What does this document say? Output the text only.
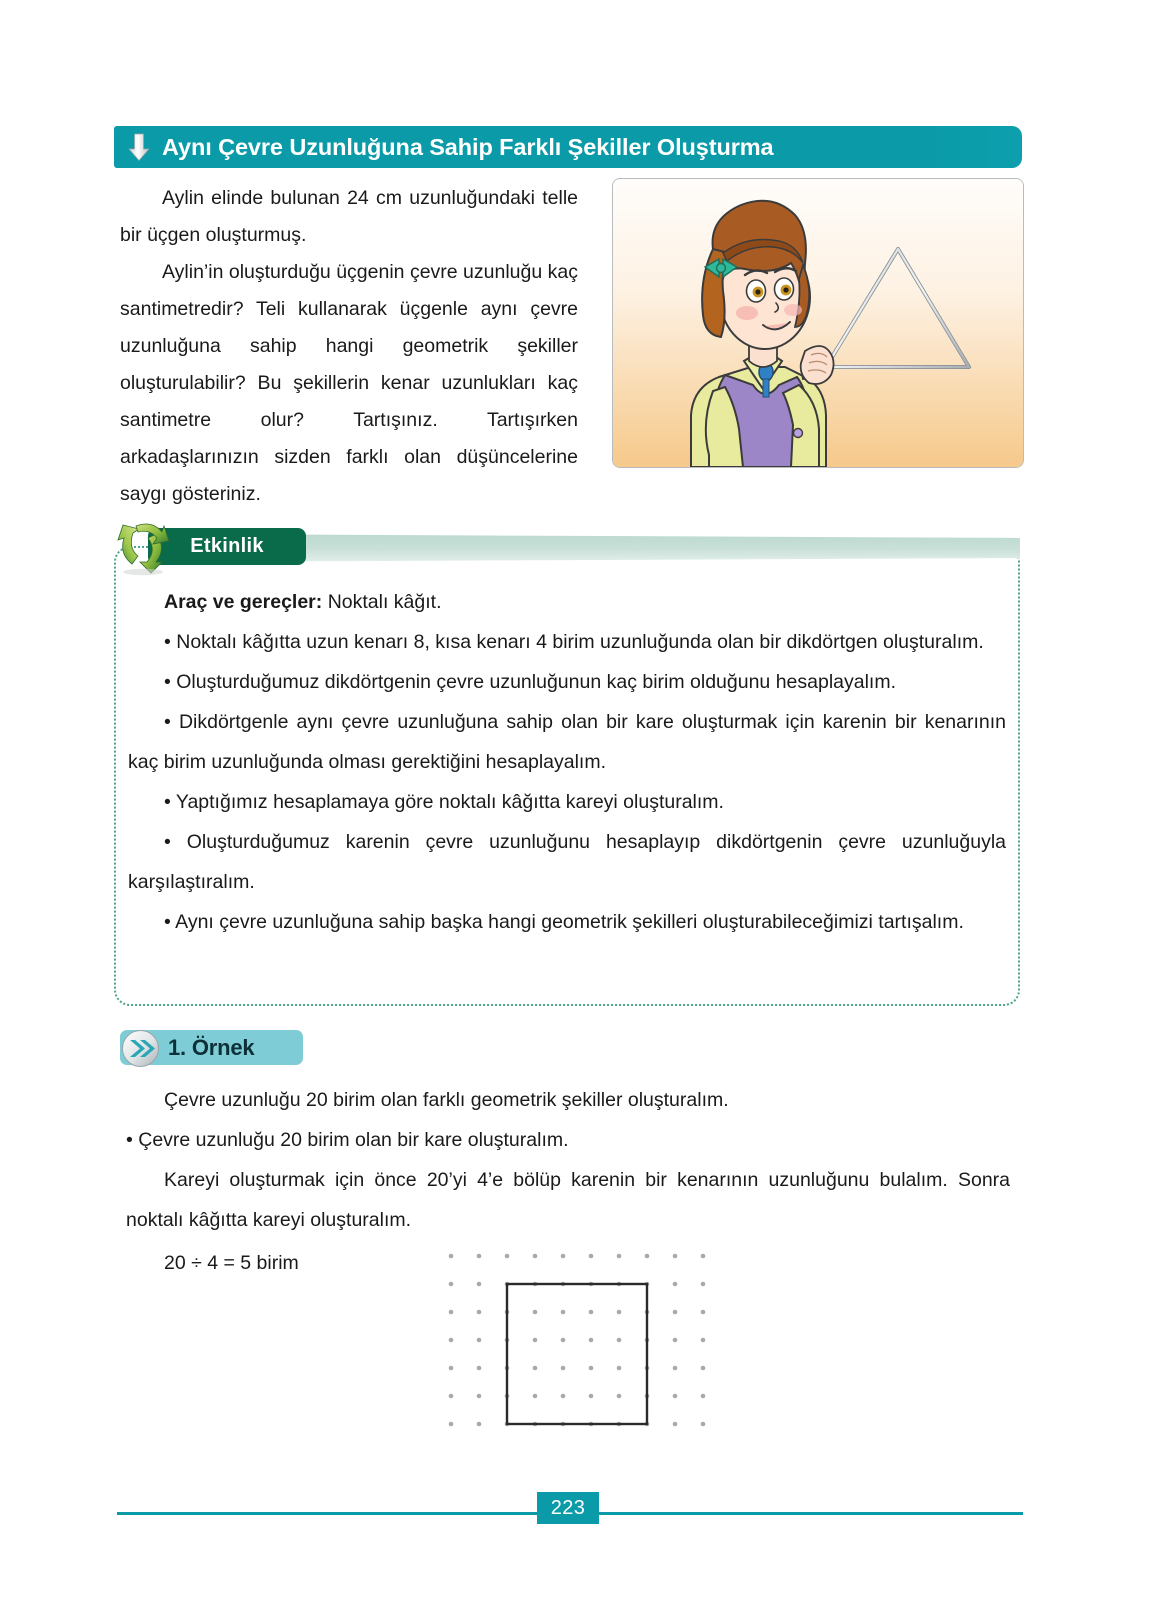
Aynı Çevre Uzunluğuna Sahip Farklı Şekiller Oluşturma

Aylin elinde bulunan 24 cm uzunluğundaki telle bir üçgen oluşturmuş.

Aylin’in oluşturduğu üçgenin çevre uzunluğu kaç santimetredir? Teli kullanarak üçgenle aynı çevre uzunluğuna sahip hangi geometrik şekiller oluşturulabilir? Bu şekillerin kenar uzunlukları kaç santimetre olur? Tartışınız. Tartışırken arkadaşlarınızın sizden farklı olan düşüncelerine saygı gösteriniz.

Etkinlik

Araç ve gereçler: Noktalı kâğıt.

• Noktalı kâğıtta uzun kenarı 8, kısa kenarı 4 birim uzunluğunda olan bir dikdörtgen oluşturalım.

• Oluşturduğumuz dikdörtgenin çevre uzunluğunun kaç birim olduğunu hesaplayalım.

• Dikdörtgenle aynı çevre uzunluğuna sahip olan bir kare oluşturmak için karenin bir kenarının kaç birim uzunluğunda olması gerektiğini hesaplayalım.

• Yaptığımız hesaplamaya göre noktalı kâğıtta kareyi oluşturalım.

• Oluşturduğumuz karenin çevre uzunluğunu hesaplayıp dikdörtgenin çevre uzunluğuyla karşılaştıralım.

• Aynı çevre uzunluğuna sahip başka hangi geometrik şekilleri oluşturabileceğimizi tartışalım.

1. Örnek

Çevre uzunluğu 20 birim olan farklı geometrik şekiller oluşturalım.

• Çevre uzunluğu 20 birim olan bir kare oluşturalım.

Kareyi oluşturmak için önce 20’yi 4’e bölüp karenin bir kenarının uzunluğunu bulalım. Sonra noktalı kâğıtta kareyi oluşturalım.

20 ÷ 4 = 5 birim
223
